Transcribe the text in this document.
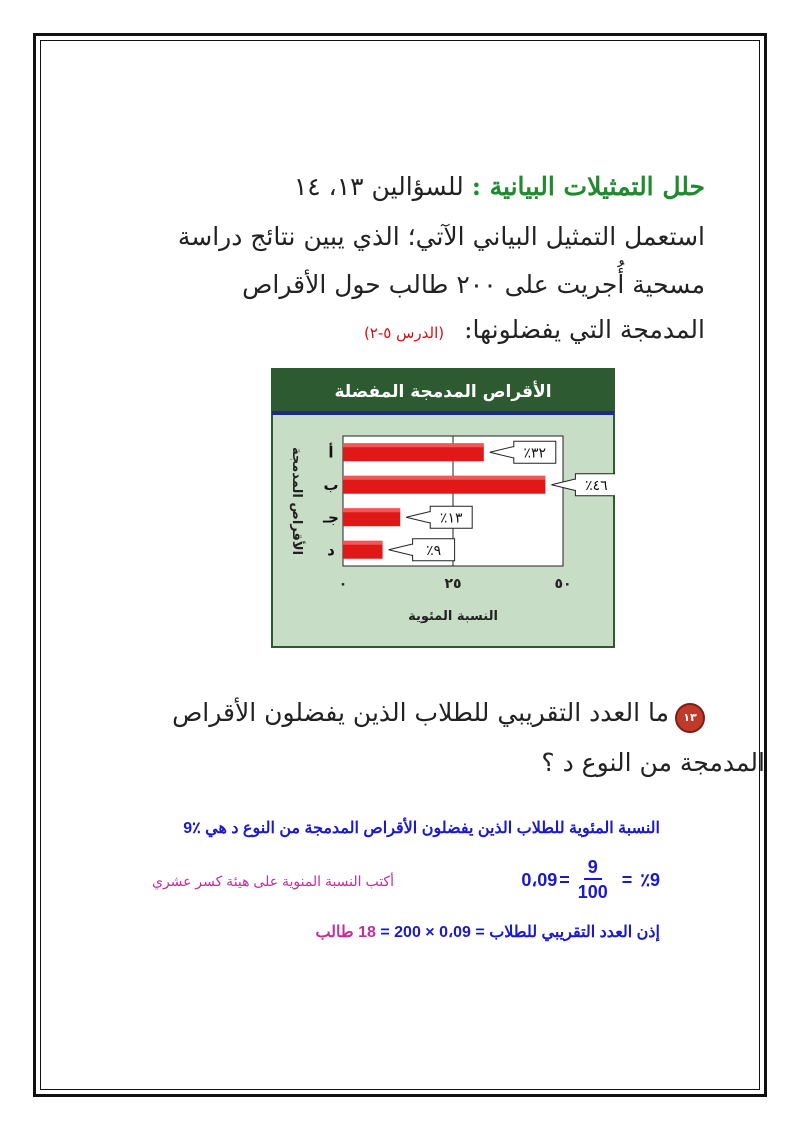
حلل التمثيلات البيانية : للسؤالين ١٣، ١٤
استعمل التمثيل البياني الآتي؛ الذي يبين نتائج دراسة
مسحية أُجريت على ٢٠٠ طالب حول الأقراص
المدمجة التي يفضلونها: (الدرس ٥-٢)
الأقراص المدمجة المفضلة
٪٣٢
٪٤٦
٪١٣
٪٩
أ
ب
جـ
د
٠	٢٥	٥٠
الأقراص المدمجة
النسبة المئوية
١٣
ما العدد التقريبي للطلاب الذين يفضلون الأقراص
المدمجة من النوع د ؟
النسبة المئوية للطلاب الذين يفضلون الأقراص المدمجة من النوع د هي ٪9
٪9
=
$\frac{9}{100}$
=
0،09
أكتب النسبة المنوية على هيئة كسر عشري
إذن العدد التقريبي للطلاب = 0،09 × 200 = 18 طالب
